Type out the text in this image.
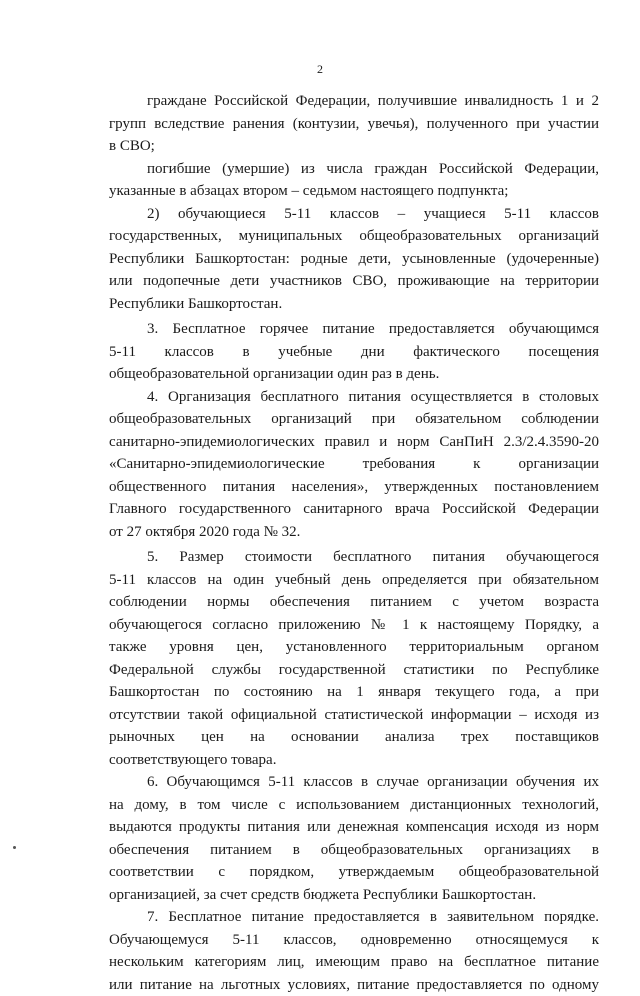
2
граждане Российской Федерации, получившие инвалидность 1 и 2
групп вследствие ранения (контузии, увечья), полученного при участии
в СВО;
погибшие (умершие) из числа граждан Российской Федерации,
указанные в абзацах втором – седьмом настоящего подпункта;
2) обучающиеся 5-11 классов – учащиеся 5-11 классов
государственных, муниципальных общеобразовательных организаций
Республики Башкортостан: родные дети, усыновленные (удочеренные)
или подопечные дети участников СВО, проживающие на территории
Республики Башкортостан.
3. Бесплатное горячее питание предоставляется обучающимся
5-11 классов в учебные дни фактического посещения
общеобразовательной организации один раз в день.
4. Организация бесплатного питания осуществляется в столовых
общеобразовательных организаций при обязательном соблюдении
санитарно-эпидемиологических правил и норм СанПиН 2.3/2.4.3590-20
«Санитарно-эпидемиологические требования к организации
общественного питания населения», утвержденных постановлением
Главного государственного санитарного врача Российской Федерации
от 27 октября 2020 года № 32.
5. Размер стоимости бесплатного питания обучающегося
5-11 классов на один учебный день определяется при обязательном
соблюдении нормы обеспечения питанием с учетом возраста
обучающегося согласно приложению № 1 к настоящему Порядку, а
также уровня цен, установленного территориальным органом
Федеральной службы государственной статистики по Республике
Башкортостан по состоянию на 1 января текущего года, а при
отсутствии такой официальной статистической информации – исходя из
рыночных цен на основании анализа трех поставщиков
соответствующего товара.
6. Обучающимся 5-11 классов в случае организации обучения их
на дому, в том числе с использованием дистанционных технологий,
выдаются продукты питания или денежная компенсация исходя из норм
обеспечения питанием в общеобразовательных организациях в
соответствии с порядком, утверждаемым общеобразовательной
организацией, за счет средств бюджета Республики Башкортостан.
7. Бесплатное питание предоставляется в заявительном порядке.
Обучающемуся 5-11 классов, одновременно относящемуся к
нескольким категориям лиц, имеющим право на бесплатное питание
или питание на льготных условиях, питание предоставляется по одному
